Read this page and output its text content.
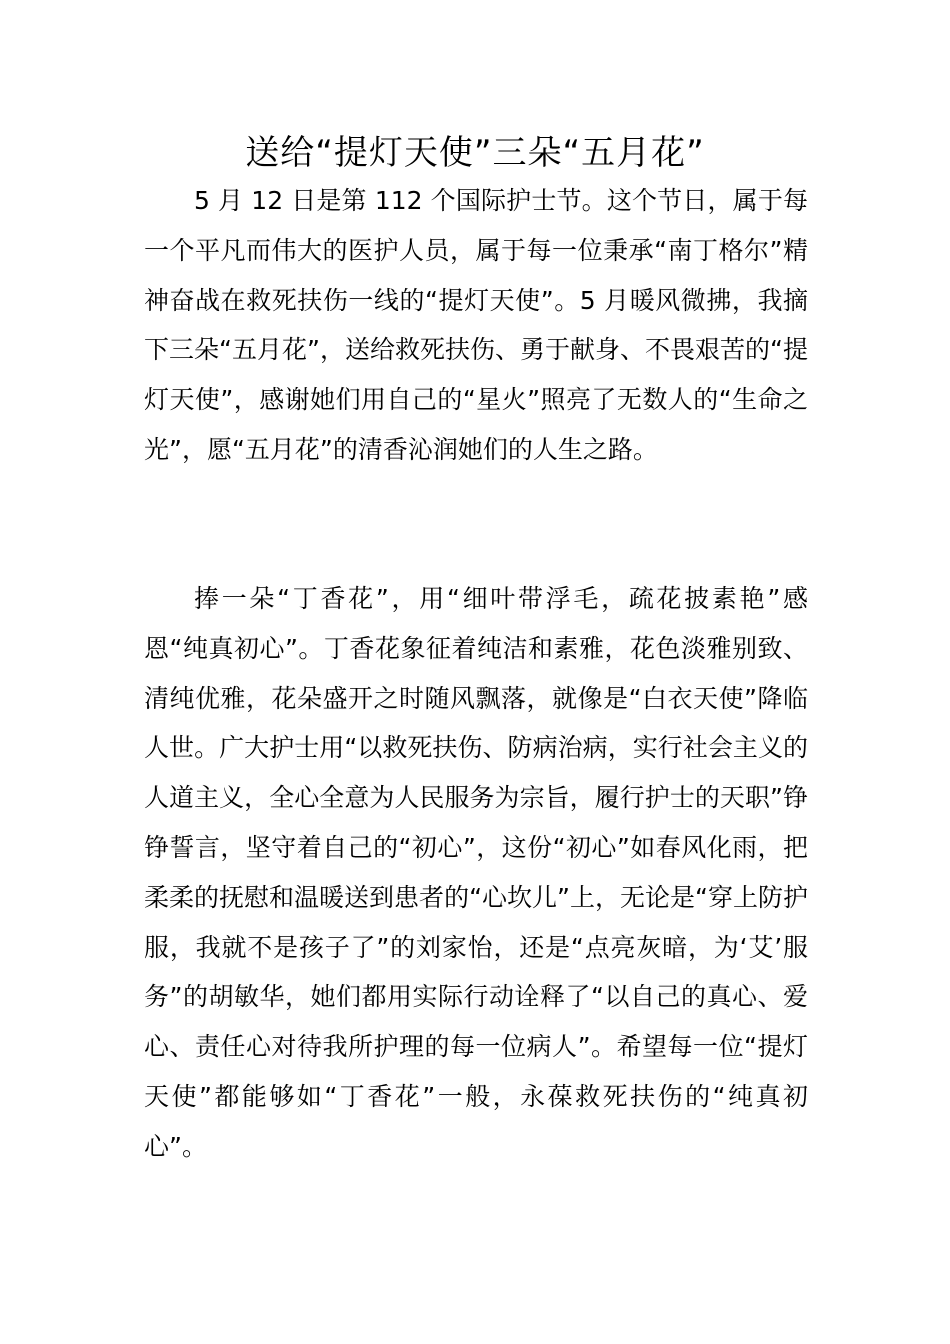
送给“提灯天使”三朵“五月花”

5 月 12 日是第 112 个国际护士节。这个节日，属于每一个平凡而伟大的医护人员，属于每一位秉承“南丁格尔”精神奋战在救死扶伤一线的“提灯天使”。5 月暖风微拂，我摘下三朵“五月花”，送给救死扶伤、勇于献身、不畏艰苦的“提灯天使”，感谢她们用自己的“星火”照亮了无数人的“生命之光”，愿“五月花”的清香沁润她们的人生之路。

捧一朵“丁香花”，用“细叶带浮毛，疏花披素艳”感恩“纯真初心”。丁香花象征着纯洁和素雅，花色淡雅别致、清纯优雅，花朵盛开之时随风飘落，就像是“白衣天使”降临人世。广大护士用“以救死扶伤、防病治病，实行社会主义的人道主义，全心全意为人民服务为宗旨，履行护士的天职”铮铮誓言，坚守着自己的“初心”，这份“初心”如春风化雨，把柔柔的抚慰和温暖送到患者的“心坎儿”上，无论是“穿上防护服，我就不是孩子了”的刘家怡，还是“点亮灰暗，为‘艾’服务”的胡敏华，她们都用实际行动诠释了“以自己的真心、爱心、责任心对待我所护理的每一位病人”。希望每一位“提灯天使”都能够如“丁香花”一般，永葆救死扶伤的“纯真初心”。
